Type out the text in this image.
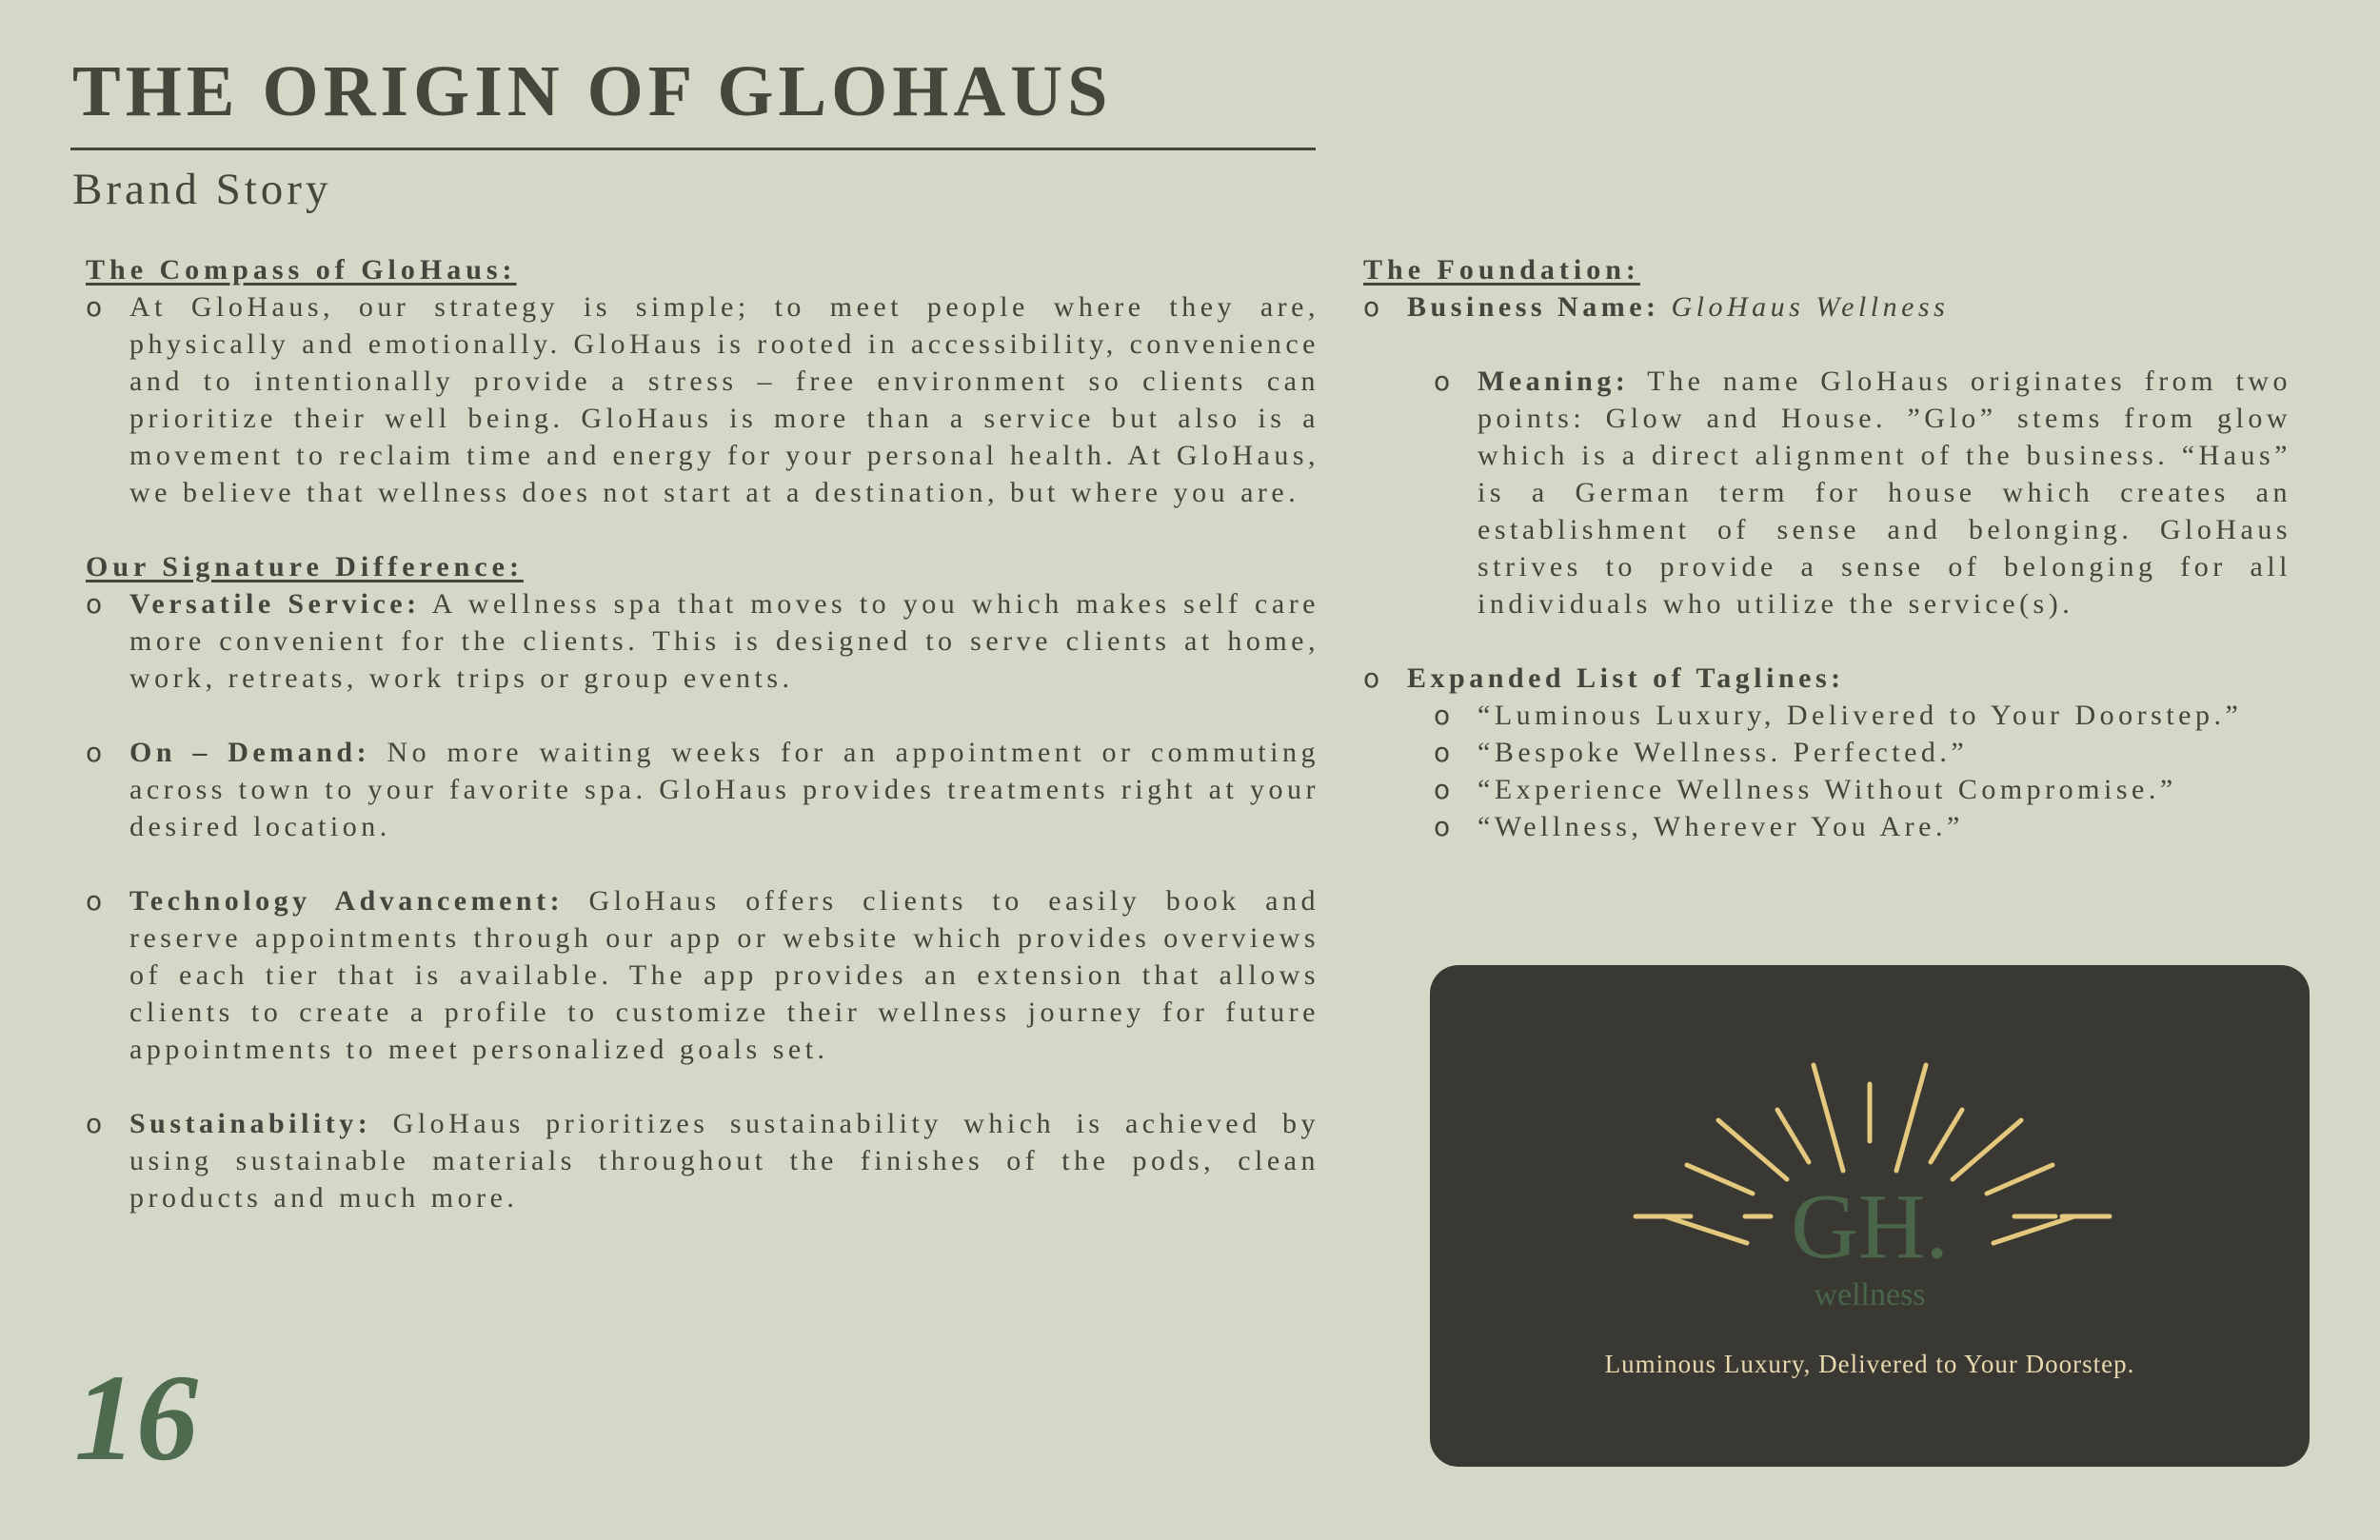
THE ORIGIN OF GLOHAUS
Brand Story
The Compass of GloHaus:
o At GloHaus, our strategy is simple; to meet people where they are, physically and emotionally. GloHaus is rooted in accessibility, convenience and to intentionally provide a stress – free environment so clients can prioritize their well being. GloHaus is more than a service but also is a movement to reclaim time and energy for your personal health. At GloHaus, we believe that wellness does not start at a destination, but where you are.
Our Signature Difference:
o Versatile Service: A wellness spa that moves to you which makes self care more convenient for the clients. This is designed to serve clients at home, work, retreats, work trips or group events.
o On – Demand: No more waiting weeks for an appointment or commuting across town to your favorite spa. GloHaus provides treatments right at your desired location.
o Technology Advancement: GloHaus offers clients to easily book and reserve appointments through our app or website which provides overviews of each tier that is available. The app provides an extension that allows clients to create a profile to customize their wellness journey for future appointments to meet personalized goals set.
o Sustainability: GloHaus prioritizes sustainability which is achieved by using sustainable materials throughout the finishes of the pods, clean products and much more.
The Foundation:
o Business Name: GloHaus Wellness
o Meaning: The name GloHaus originates from two points: Glow and House. ”Glo” stems from glow which is a direct alignment of the business. “Haus” is a German term for house which creates an establishment of sense and belonging. GloHaus strives to provide a sense of belonging for all individuals who utilize the service(s).
o Expanded List of Taglines:
o “Luminous Luxury, Delivered to Your Doorstep.”
o “Bespoke Wellness. Perfected.”
o “Experience Wellness Without Compromise.”
o “Wellness, Wherever You Are.”
GH.
wellness
Luminous Luxury, Delivered to Your Doorstep.
16
